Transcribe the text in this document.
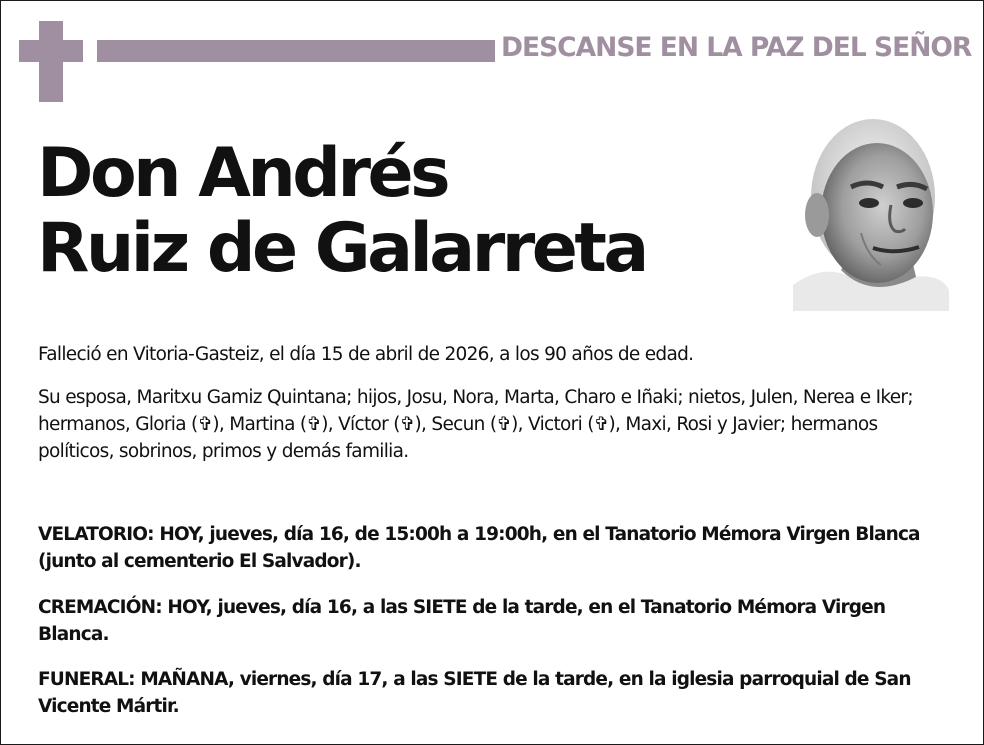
DESCANSE EN LA PAZ DEL SEÑOR
Don Andrés
Ruiz de Galarreta
Falleció en Vitoria-Gasteiz, el día 15 de abril de 2026, a los 90 años de edad.
Su esposa, Maritxu Gamiz Quintana; hijos, Josu, Nora, Marta, Charo e Iñaki; nietos, Julen, Nerea e Iker; hermanos, Gloria (✞), Martina (✞), Víctor (✞), Secun (✞), Victori (✞), Maxi, Rosi y Javier; hermanos políticos, sobrinos, primos y demás familia.
VELATORIO: HOY, jueves, día 16, de 15:00h a 19:00h, en el Tanatorio Mémora Virgen Blanca (junto al cementerio El Salvador).
CREMACIÓN: HOY, jueves, día 16, a las SIETE de la tarde, en el Tanatorio Mémora Virgen Blanca.
FUNERAL: MAÑANA, viernes, día 17, a las SIETE de la tarde, en la iglesia parroquial de San Vicente Mártir.
